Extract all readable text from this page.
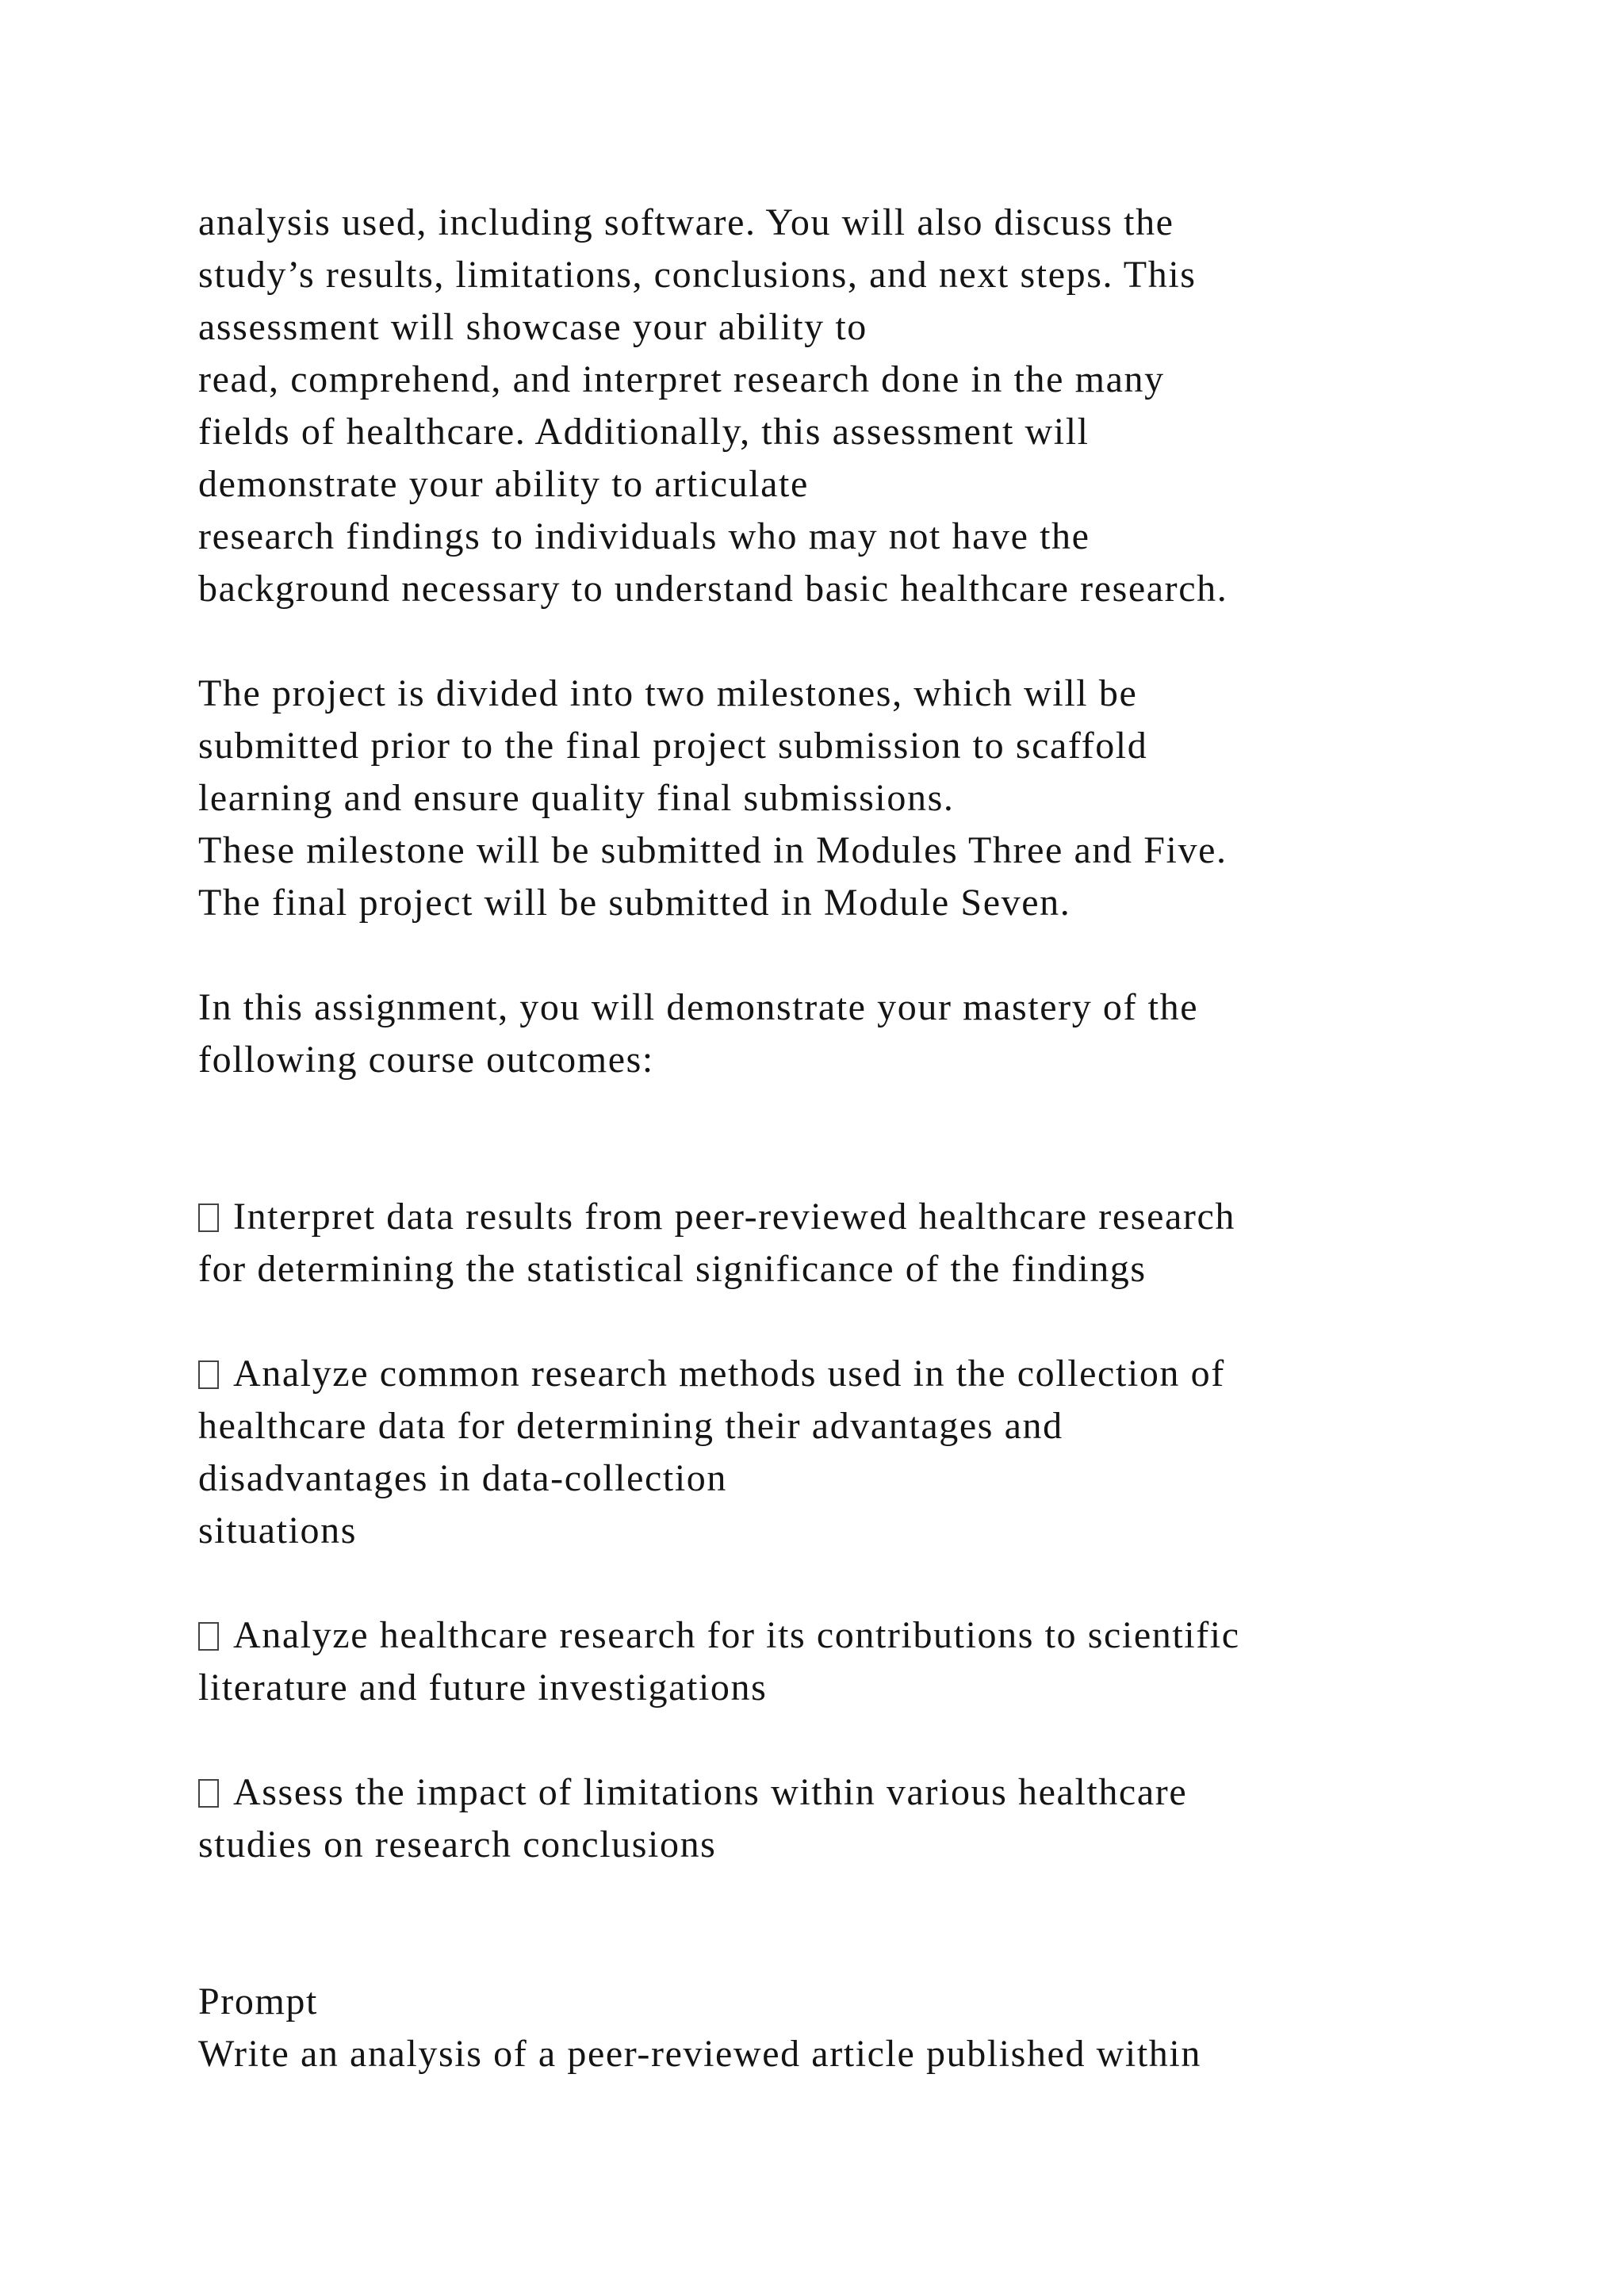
analysis used, including software. You will also discuss the
study’s results, limitations, conclusions, and next steps. This
assessment will showcase your ability to
read, comprehend, and interpret research done in the many
fields of healthcare. Additionally, this assessment will
demonstrate your ability to articulate
research findings to individuals who may not have the
background necessary to understand basic healthcare research.
The project is divided into two milestones, which will be
submitted prior to the final project submission to scaffold
learning and ensure quality final submissions.
These milestone will be submitted in Modules Three and Five.
The final project will be submitted in Module Seven.
In this assignment, you will demonstrate your mastery of the
following course outcomes:
Interpret data results from peer-reviewed healthcare research
for determining the statistical significance of the findings
Analyze common research methods used in the collection of
healthcare data for determining their advantages and
disadvantages in data-collection
situations
Analyze healthcare research for its contributions to scientific
literature and future investigations
Assess the impact of limitations within various healthcare
studies on research conclusions
Prompt
Write an analysis of a peer-reviewed article published within
